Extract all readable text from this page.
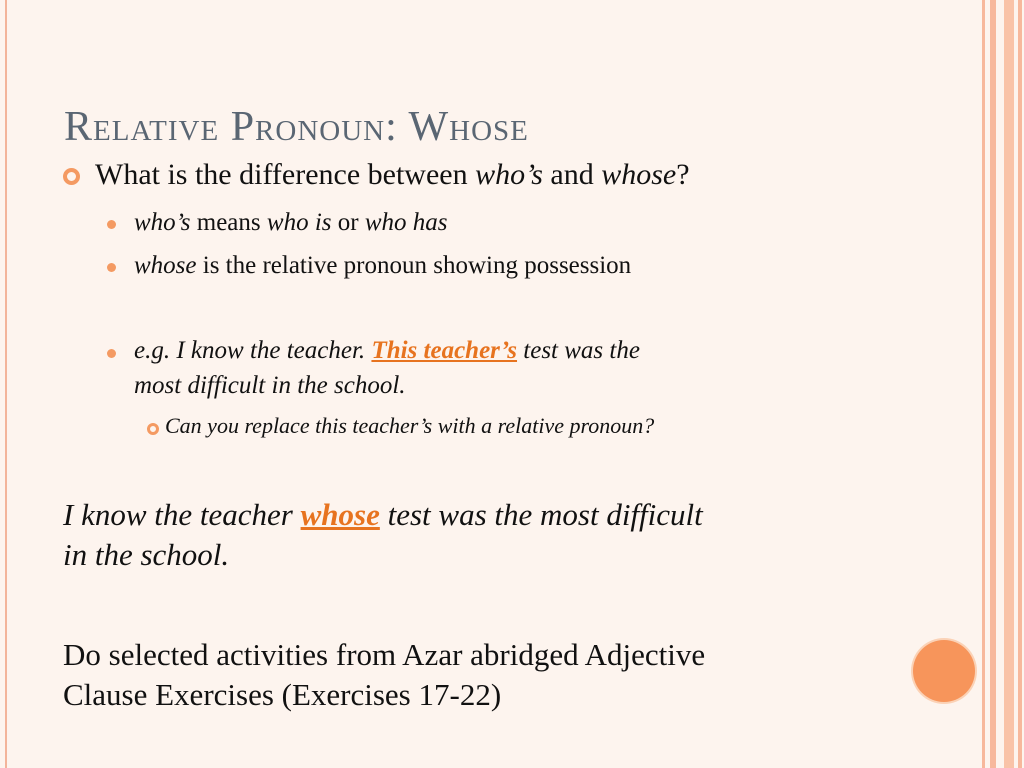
Relative Pronoun: Whose
What is the difference between who’s and whose?
who’s means who is or who has
whose is the relative pronoun showing possession
e.g. I know the teacher. This teacher’s test was the
most difficult in the school.
Can you replace this teacher’s with a relative pronoun?
I know the teacher whose test was the most difficult
in the school.
Do selected activities from Azar abridged Adjective
Clause Exercises (Exercises 17-22)
